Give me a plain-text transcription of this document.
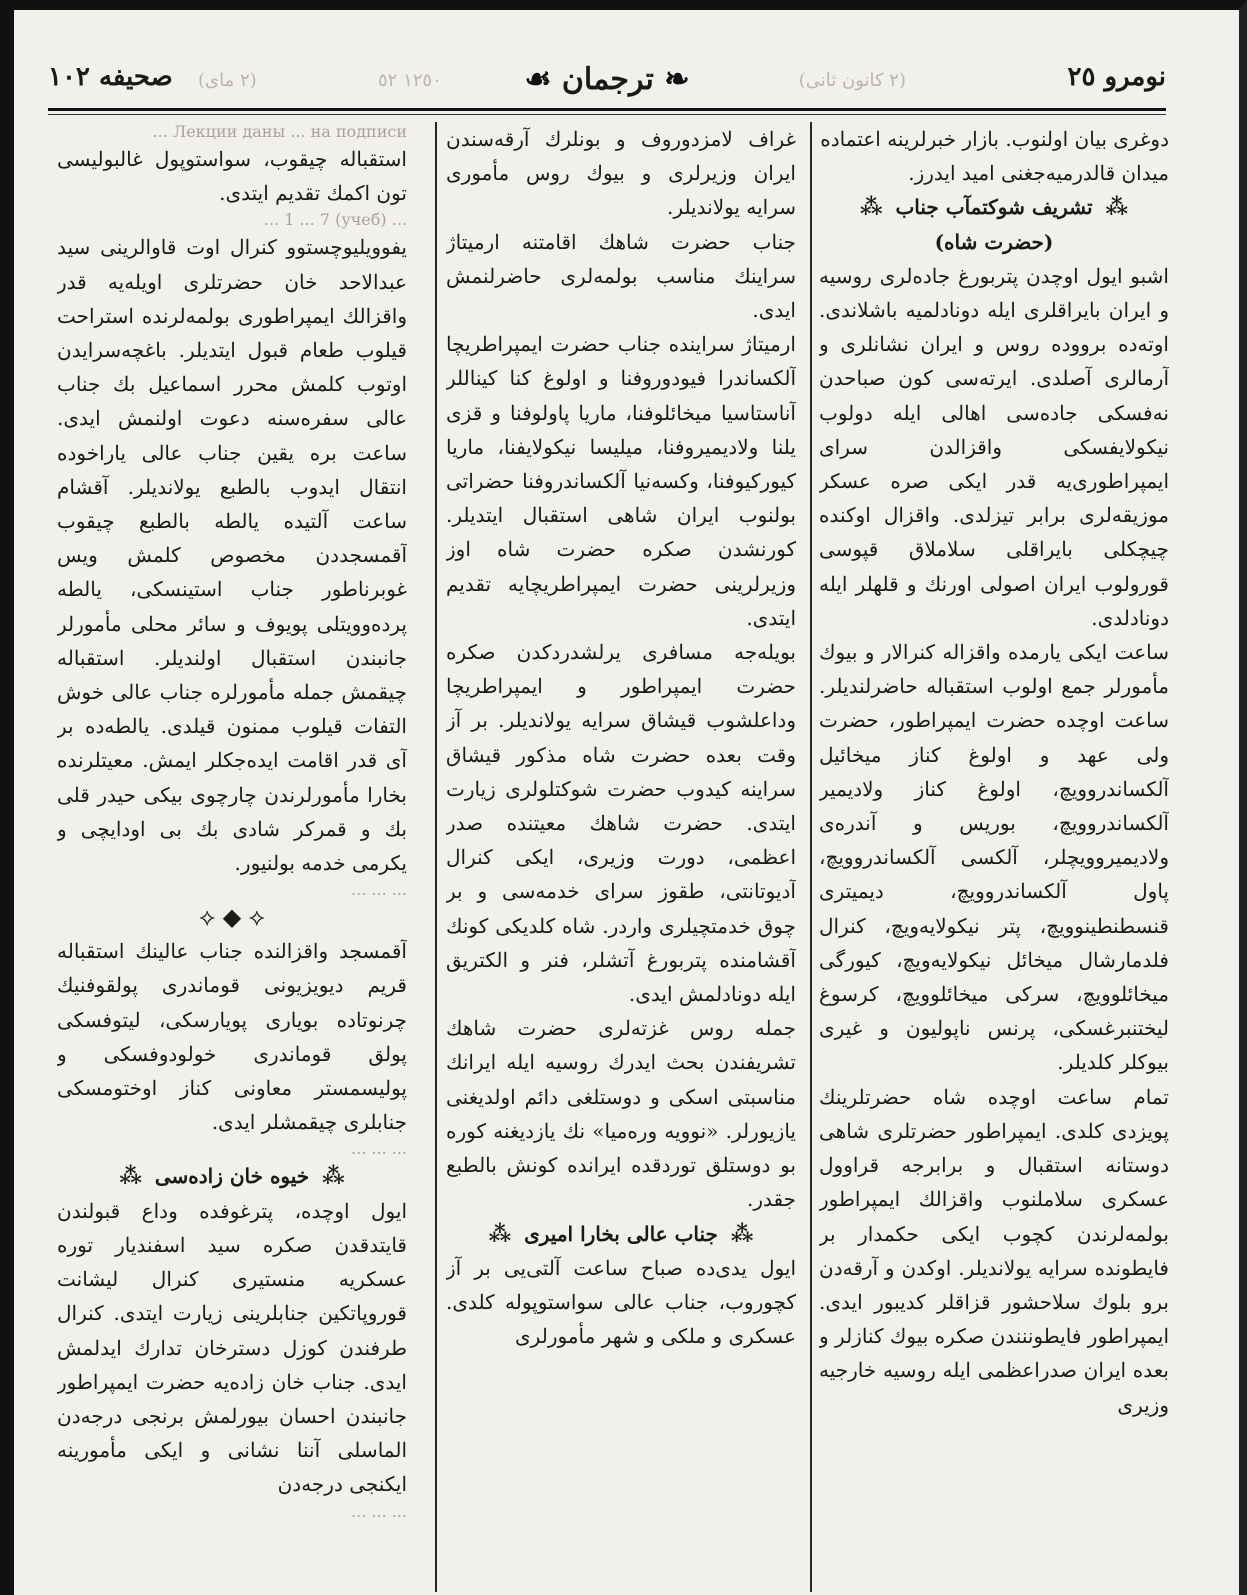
نومرو ٢٥
(٢ كانون ثانى)
❧ ترجمان ☙
١٢٥٠ ٥٢
(٢ ماى)
صحيفه ١٠٢

دوغرى بيان اولنوب. بازار خبرلرينه اعتماده

ميدان قالدرميه‌جغنى اميد ايدرز.

⁂ تشريف شوكتمآب جناب ⁂

(حضرت شاه)

اشبو ايول اوچدن پتربورغ جاده‌لرى روسيه و ايران بايراقلرى ايله دونادلميه باشلاندى. اوته‌ده برووده روس و ايران نشانلرى و آرمالرى آصلدى. ايرته‌سى كون صباحدن نه‌فسكى جاده‌سى اهالى ايله دولوب نيكولايفسكى واقزالدن سراى ايمپراطورى‌يه قدر ايكى صره عسكر موزيقه‌لرى برابر تيزلدى. واقزال اوكنده چيچكلى بايراقلى سلاملاق قپوسى قورولوب ايران اصولى اورنك و قلهلر ايله دونادلدى.

ساعت ايكى يارمده واقزاله كنرالار و بيوك مأمورلر جمع اولوب استقباله حاضرلنديلر. ساعت اوچده حضرت ايمپراطور، حضرت ولى عهد و اولوغ كناز ميخائيل آلكساندروويچ، اولوغ كناز ولاديمير آلكساندروويچ، بوريس و آندره‌ى ولاديميروويچلر، آلكسى آلكساندروويچ، پاول آلكساندروويچ، ديميترى قنسطنطينوويچ، پتر نيكولايه‌ويچ، كنرال فلدمارشال ميخائل نيكولايه‌ويچ، كيورگى ميخائلوويچ، سركى ميخائلوويچ، كرسوغ ليختنبرغسكى، پرنس ناپوليون و غيرى بيوكلر كلديلر.

تمام ساعت اوچده شاه حضرتلرينك پويزدى كلدى. ايمپراطور حضرتلرى شاهى دوستانه استقبال و برابرجه قراوول عسكرى سلاملنوب واقزالك ايمپراطور بولمه‌لرندن كچوب ايكى حكمدار بر فايطونده سرايه يولانديلر. اوكدن و آرقه‌دن برو بلوك سلاحشور قزاقلر كديبور ايدى. ايمپراطور فايطوننندن صكره بيوك كنازلر و بعده ايران صدراعظمى ايله روسيه خارجيه وزيرى

غراف لامزدوروف و بونلرك آرقه‌سندن ايران وزيرلرى و بيوك روس مأمورى سرايه يولانديلر.

جناب حضرت شاهك اقامتنه ارميتاژ سراينك مناسب بولمه‌لرى حاضرلنمش ايدى.

ارميتاژ سراينده جناب حضرت ايمپراطريچا آلكساندرا فيودوروفنا و اولوغ كنا كيناللر آناستاسيا ميخائلوفنا، ماريا پاولوفنا و قزى يلنا ولاديميروفنا، ميليسا نيكولايفنا، ماريا كيوركيوفنا، وكسه‌نيا آلكساندروفنا حضراتى بولنوب ايران شاهى استقبال ايتديلر. كورنشدن صكره حضرت شاه اوز وزيرلرينى حضرت ايمپراطريچايه تقديم ايتدى.

بويله‌جه مسافرى يرلشدردكدن صكره حضرت ايمپراطور و ايمپراطريچا وداعلشوب قيشاق سرايه يولانديلر. بر آز وقت بعده حضرت شاه مذكور قيشاق سراينه كيدوب حضرت شوكتلولرى زيارت ايتدى. حضرت شاهك معيتنده صدر اعظمى، دورت وزيرى، ايكى كنرال آديوتانتى، طقوز سراى خدمه‌سى و بر چوق خدمتچيلرى واردر. شاه كلديكى كونك آقشامنده پتربورغ آتشلر، فنر و الكتريق ايله دونادلمش ايدى.

جمله روس غزته‌لرى حضرت شاهك تشريفندن بحث ايدرك روسيه ايله ايرانك مناسبتى اسكى و دوستلغى دائم اولديغنى يازيورلر. «نوويه وره‌ميا» نك يازديغنه كوره بو دوستلق توردقده ايرانده كونش بالطبع جقدر.

⁂ جناب عالى بخارا اميرى ⁂

ايول يدى‌ده صباح ساعت آلتى‌يى بر آز كچوروب، جناب عالى سواستوپوله كلدى. عسكرى و ملكى و شهر مأمورلرى

Лекции даны ... на подписи ...

استقباله چيقوب، سواستوپول غالبوليسى تون اكمك تقديم ايتدى.

... (учеб) 1 ... 7 ...

يفوويليوچستوو كنرال اوت قاوالرينى سيد عبدالاحد خان حضرتلرى اويله‌يه قدر واقزالك ايمپراطورى بولمه‌لرنده استراحت قيلوب طعام قبول ايتديلر. باغچه‌سرايدن اوتوب كلمش محرر اسماعيل بك جناب عالى سفره‌سنه دعوت اولنمش ايدى. ساعت بره يقين جناب عالى ياراخوده انتقال ايدوب بالطبع يولانديلر. آقشام ساعت آلتيده يالطه بالطبع چيقوب آقمسجددن مخصوص كلمش ويس غوبرناطور جناب استينسكى، يالطه پرده‌وويتلى پويوف و سائر محلى مأمورلر جانبندن استقبال اولنديلر. استقباله چيقمش جمله مأمورلره جناب عالى خوش التفات قيلوب ممنون قيلدى. يالطه‌ده بر آى قدر اقامت ايده‌جكلر ايمش. معيتلرنده بخارا مأمورلرندن چارچوى بيكى حيدر قلى بك و قمركر شادى بك بى اودايچى و يكرمى خدمه بولنيور.

... ... ...
⟡ ◆ ⟡

آقمسجد واقزالنده جناب عالينك استقباله قريم ديويزيونى قوماندرى پولقوفنيك چرنوتاده بويارى پويارسكى، ليتوفسكى پولق قوماندرى خولودوفسكى و پوليسمستر معاونى كناز اوختومسكى جنابلرى چيقمشلر ايدى.

... ... ...

⁂ خيوه خان زاده‌سى ⁂

ايول اوچده، پترغوفده وداع قبولندن قايتدقدن صكره سيد اسفنديار توره عسكريه منستيرى كنرال ليشانت قوروپاتكين جنابلرينى زيارت ايتدى. كنرال طرفندن كوزل دسترخان تدارك ايدلمش ايدى. جناب خان زاده‌يه حضرت ايمپراطور جانبندن احسان بيورلمش برنجى درجه‌دن الماسلى آننا نشانى و ايكى مأمورينه ايكنجى درجه‌دن

... ... ...
